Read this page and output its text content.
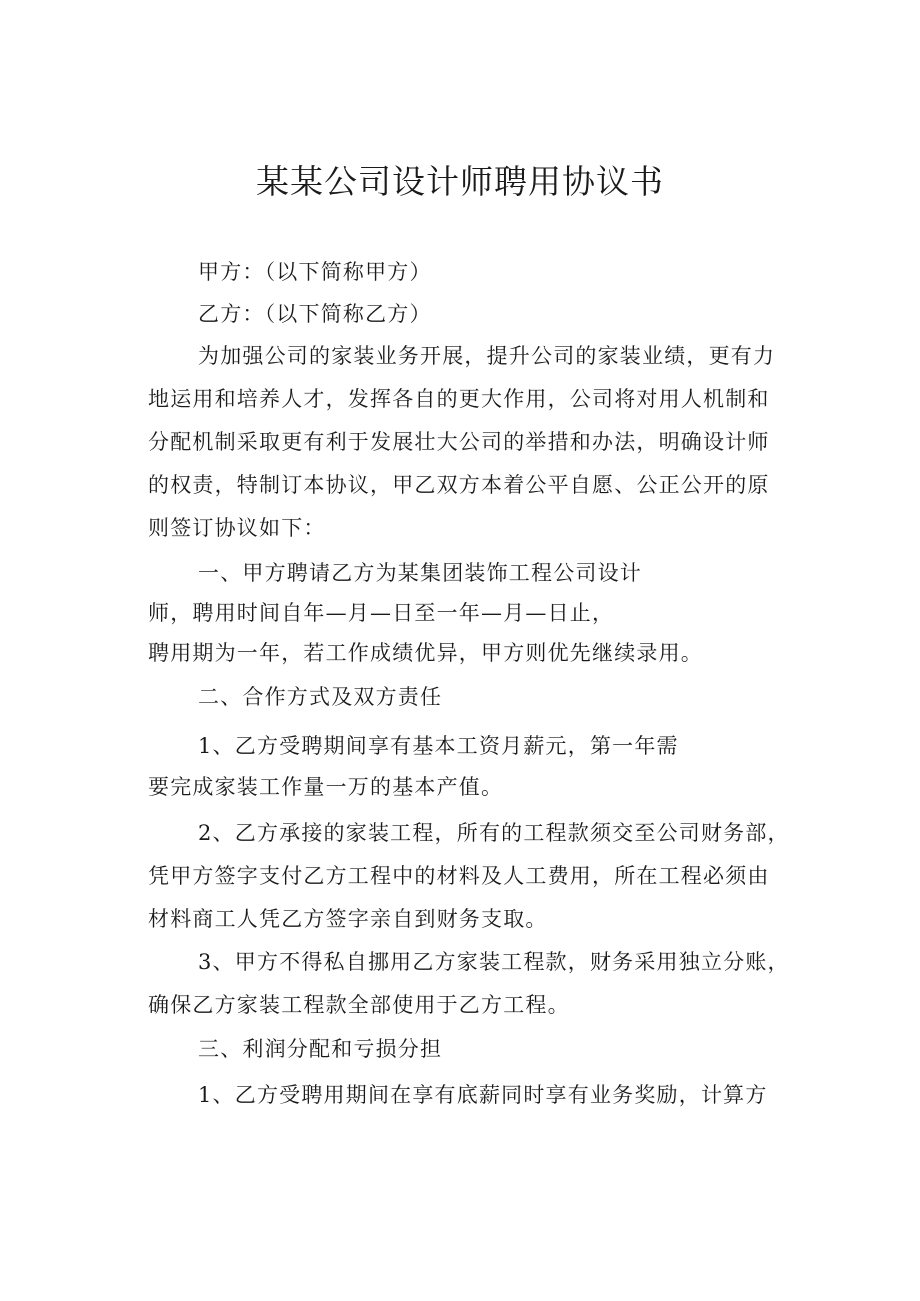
某某公司设计师聘用协议书
甲方：（以下简称甲方）
乙方：（以下简称乙方）
为加强公司的家装业务开展，提升公司的家装业绩，更有力
地运用和培养人才，发挥各自的更大作用，公司将对用人机制和
分配机制采取更有利于发展壮大公司的举措和办法，明确设计师
的权责，特制订本协议，甲乙双方本着公平自愿、公正公开的原
则签订协议如下：
一、甲方聘请乙方为某集团装饰工程公司设计
师，聘用时间自年—月—日至一年—月—日止，
聘用期为一年，若工作成绩优异，甲方则优先继续录用。
二、合作方式及双方责任
1、乙方受聘期间享有基本工资月薪元，第一年需
要完成家装工作量一万的基本产值。
2、乙方承接的家装工程，所有的工程款须交至公司财务部，
凭甲方签字支付乙方工程中的材料及人工费用，所在工程必须由
材料商工人凭乙方签字亲自到财务支取。
3、甲方不得私自挪用乙方家装工程款，财务采用独立分账，
确保乙方家装工程款全部使用于乙方工程。
三、利润分配和亏损分担
1、乙方受聘用期间在享有底薪同时享有业务奖励，计算方
